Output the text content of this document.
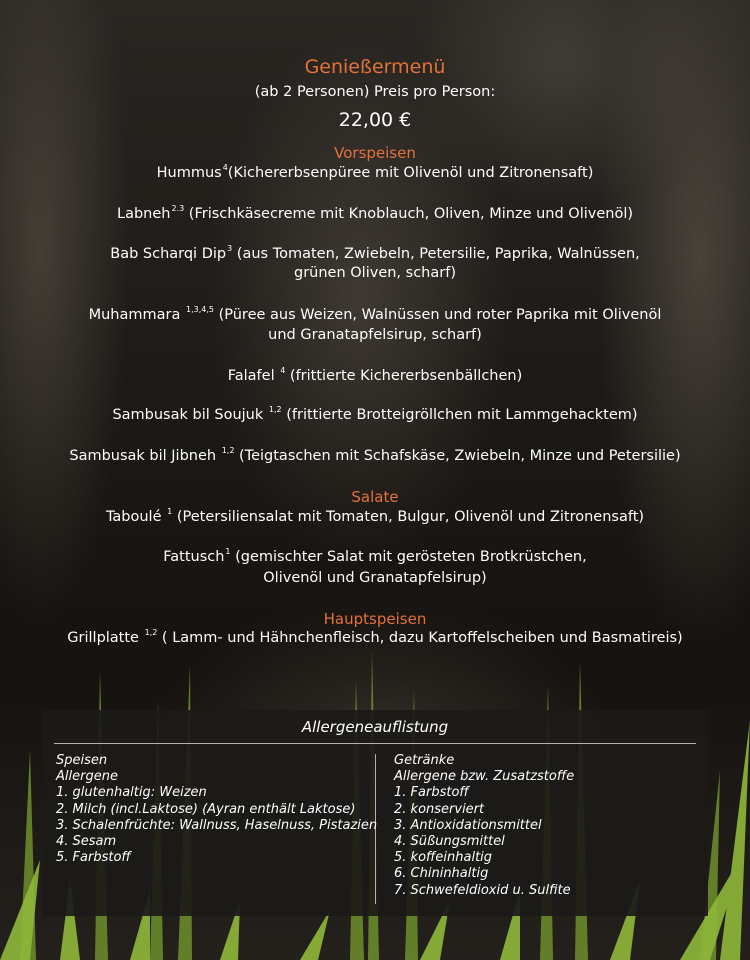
Genießermenü
(ab 2 Personen) Preis pro Person:
22,00 €
Vorspeisen
Hummus$^4$(Kichererbsenpüree mit Olivenöl und Zitronensaft)
Labneh$^{2.3}$ (Frischkäsecreme mit Knoblauch, Oliven, Minze und Olivenöl)
Bab Scharqi Dip$^3$ (aus Tomaten, Zwiebeln, Petersilie, Paprika, Walnüssen,
grünen Oliven, scharf)
Muhammara $^{1,3,4,5}$ (Püree aus Weizen, Walnüssen und roter Paprika mit Olivenöl
und Granatapfelsirup, scharf)
Falafel $^4$ (frittierte Kichererbsenbällchen)
Sambusak bil Soujuk $^{1,2}$ (frittierte Brotteigröllchen mit Lammgehacktem)
Sambusak bil Jibneh $^{1,2}$ (Teigtaschen mit Schafskäse, Zwiebeln, Minze und Petersilie)
Salate
Taboulé $^1$ (Petersiliensalat mit Tomaten, Bulgur, Olivenöl und Zitronensaft)
Fattusch$^1$ (gemischter Salat mit gerösteten Brotkrüstchen,
Olivenöl und Granatapfelsirup)
Hauptspeisen
Grillplatte $^{1,2}$ ( Lamm- und Hähnchenfleisch, dazu Kartoffelscheiben und Basmatireis)
Allergeneauflistung
Speisen
Allergene
1. glutenhaltig: Weizen
2. Milch (incl.Laktose) (Ayran enthält Laktose)
3. Schalenfrüchte: Wallnuss, Haselnuss, Pistazien
4. Sesam
5. Farbstoff
Getränke
Allergene bzw. Zusatzstoffe
1. Farbstoff
2. konserviert
3. Antioxidationsmittel
4. Süßungsmittel
5. koffeinhaltig
6. Chininhaltig
7. Schwefeldioxid u. Sulfite
